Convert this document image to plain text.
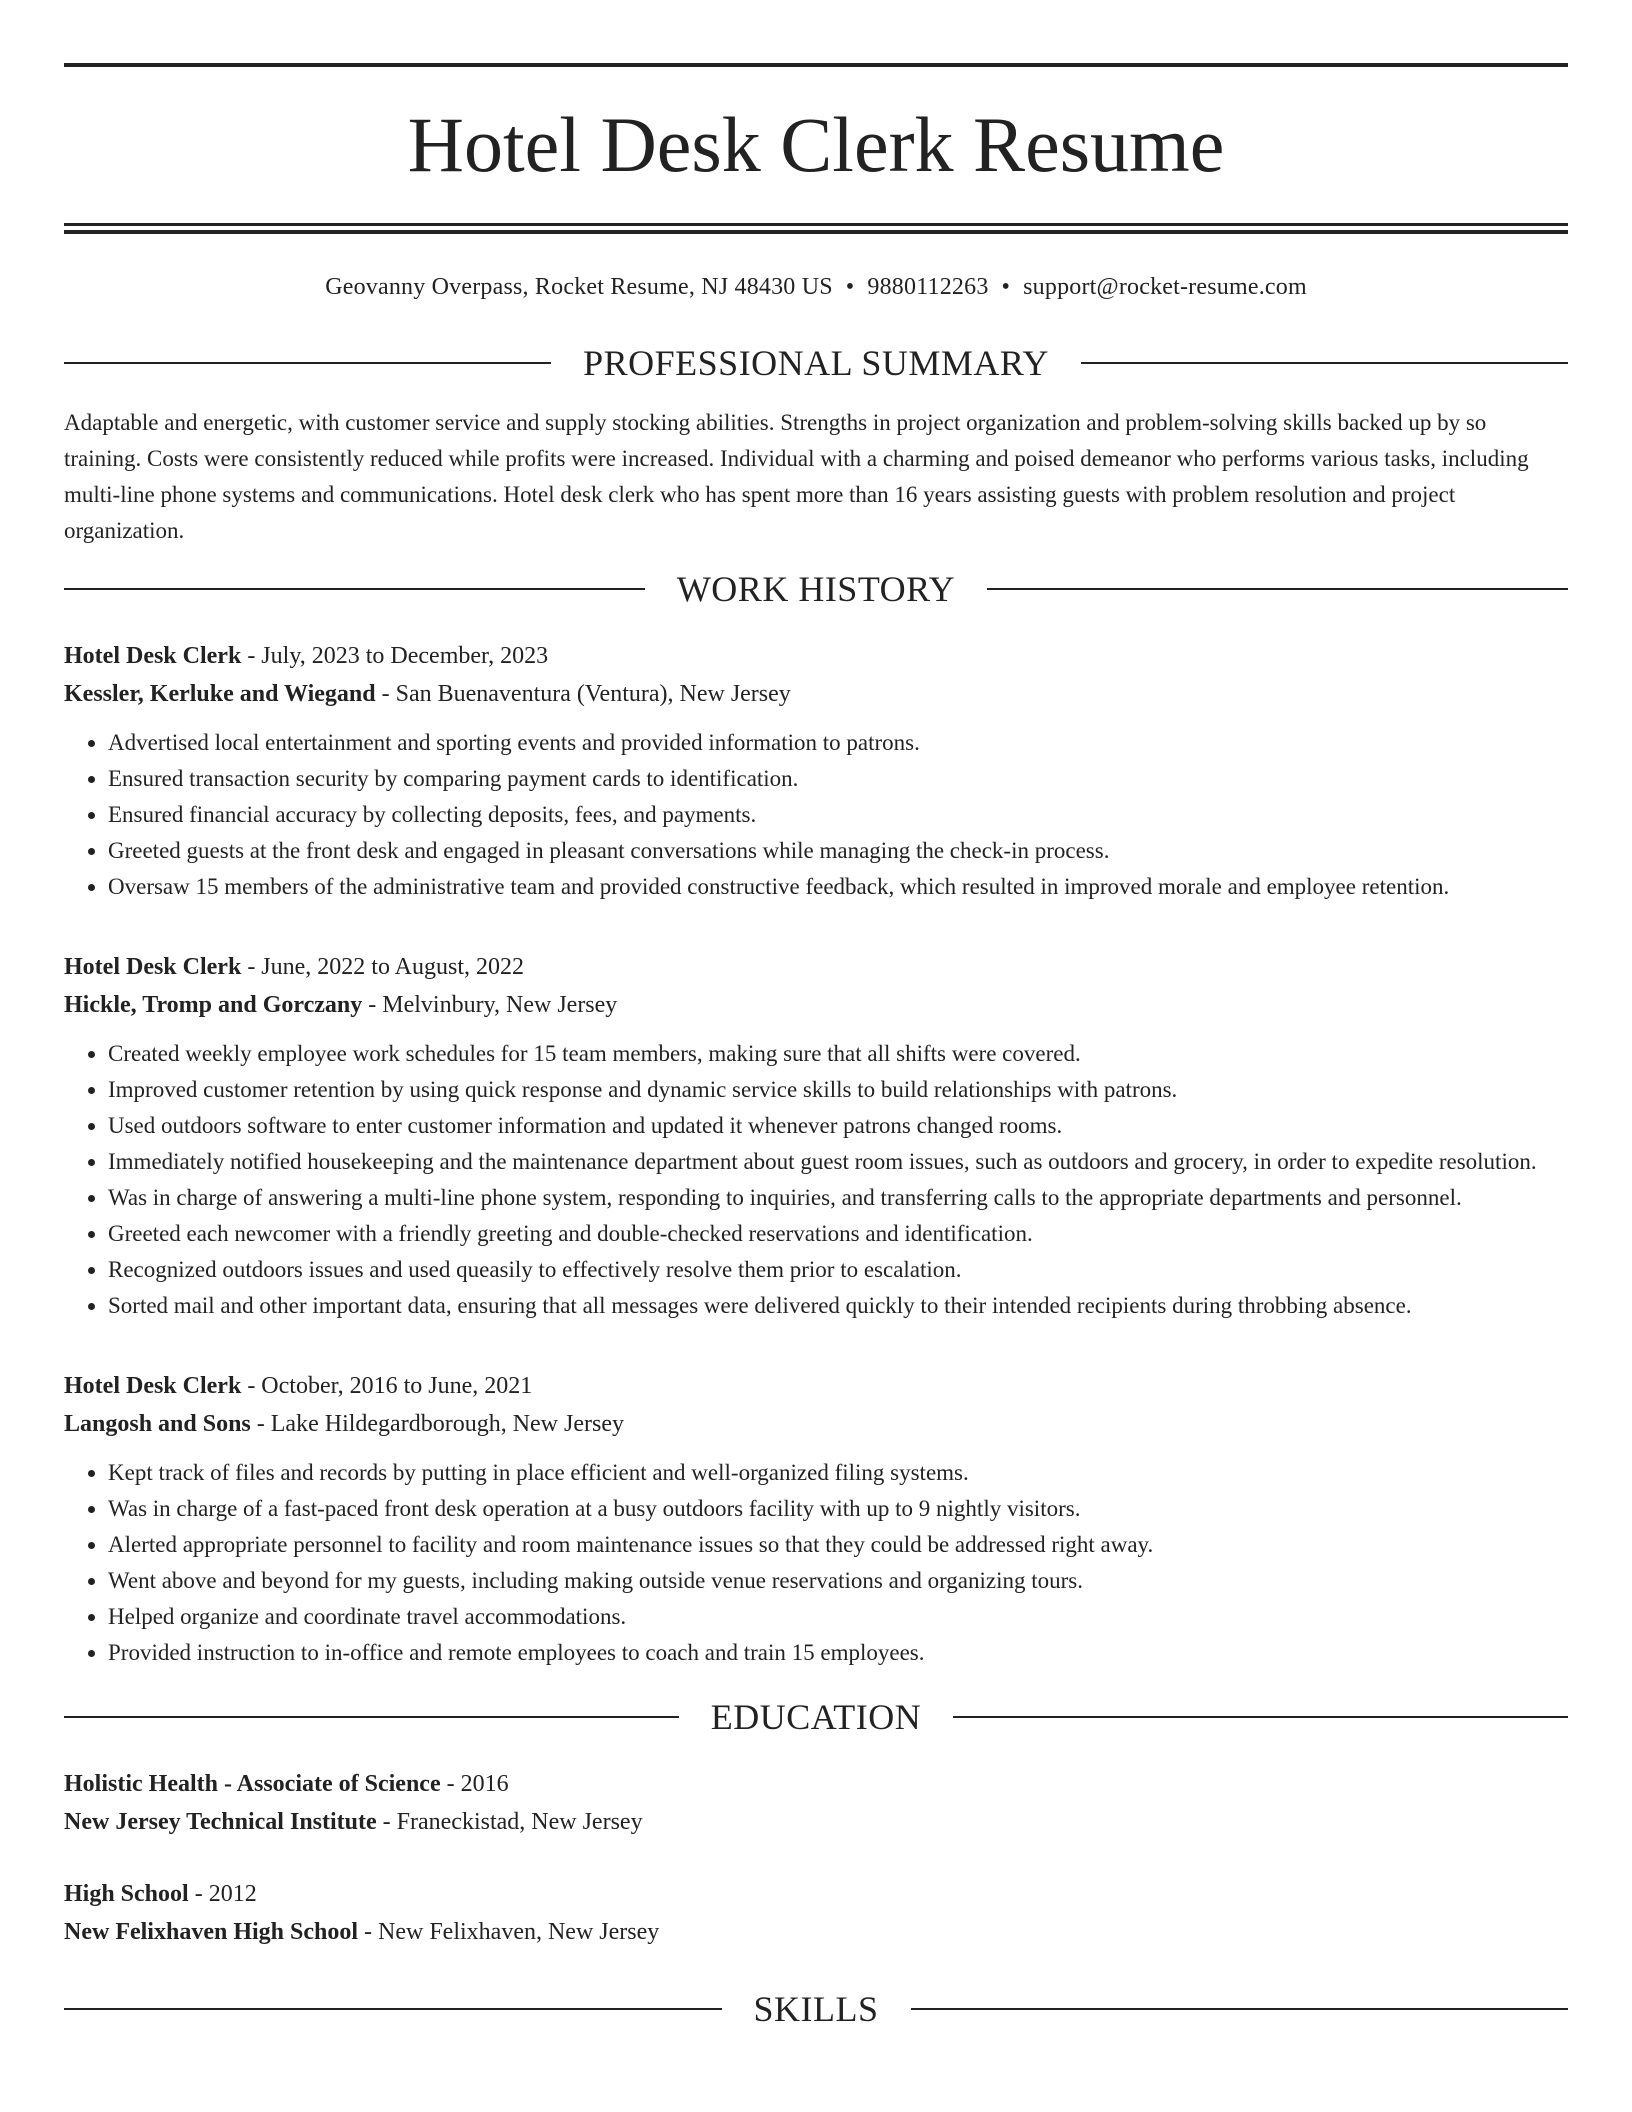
Hotel Desk Clerk Resume
Geovanny Overpass, Rocket Resume, NJ 48430 US • 9880112263 • support@rocket-resume.com
PROFESSIONAL SUMMARY
Adaptable and energetic, with customer service and supply stocking abilities. Strengths in project organization and problem-solving skills backed up by so training. Costs were consistently reduced while profits were increased. Individual with a charming and poised demeanor who performs various tasks, including multi-line phone systems and communications. Hotel desk clerk who has spent more than 16 years assisting guests with problem resolution and project organization.
WORK HISTORY
Hotel Desk Clerk - July, 2023 to December, 2023
Kessler, Kerluke and Wiegand - San Buenaventura (Ventura), New Jersey
• Advertised local entertainment and sporting events and provided information to patrons.
• Ensured transaction security by comparing payment cards to identification.
• Ensured financial accuracy by collecting deposits, fees, and payments.
• Greeted guests at the front desk and engaged in pleasant conversations while managing the check-in process.
• Oversaw 15 members of the administrative team and provided constructive feedback, which resulted in improved morale and employee retention.
Hotel Desk Clerk - June, 2022 to August, 2022
Hickle, Tromp and Gorczany - Melvinbury, New Jersey
• Created weekly employee work schedules for 15 team members, making sure that all shifts were covered.
• Improved customer retention by using quick response and dynamic service skills to build relationships with patrons.
• Used outdoors software to enter customer information and updated it whenever patrons changed rooms.
• Immediately notified housekeeping and the maintenance department about guest room issues, such as outdoors and grocery, in order to expedite resolution.
• Was in charge of answering a multi-line phone system, responding to inquiries, and transferring calls to the appropriate departments and personnel.
• Greeted each newcomer with a friendly greeting and double-checked reservations and identification.
• Recognized outdoors issues and used queasily to effectively resolve them prior to escalation.
• Sorted mail and other important data, ensuring that all messages were delivered quickly to their intended recipients during throbbing absence.
Hotel Desk Clerk - October, 2016 to June, 2021
Langosh and Sons - Lake Hildegardborough, New Jersey
• Kept track of files and records by putting in place efficient and well-organized filing systems.
• Was in charge of a fast-paced front desk operation at a busy outdoors facility with up to 9 nightly visitors.
• Alerted appropriate personnel to facility and room maintenance issues so that they could be addressed right away.
• Went above and beyond for my guests, including making outside venue reservations and organizing tours.
• Helped organize and coordinate travel accommodations.
• Provided instruction to in-office and remote employees to coach and train 15 employees.
EDUCATION
Holistic Health - Associate of Science - 2016
New Jersey Technical Institute - Franeckistad, New Jersey
High School - 2012
New Felixhaven High School - New Felixhaven, New Jersey
SKILLS
